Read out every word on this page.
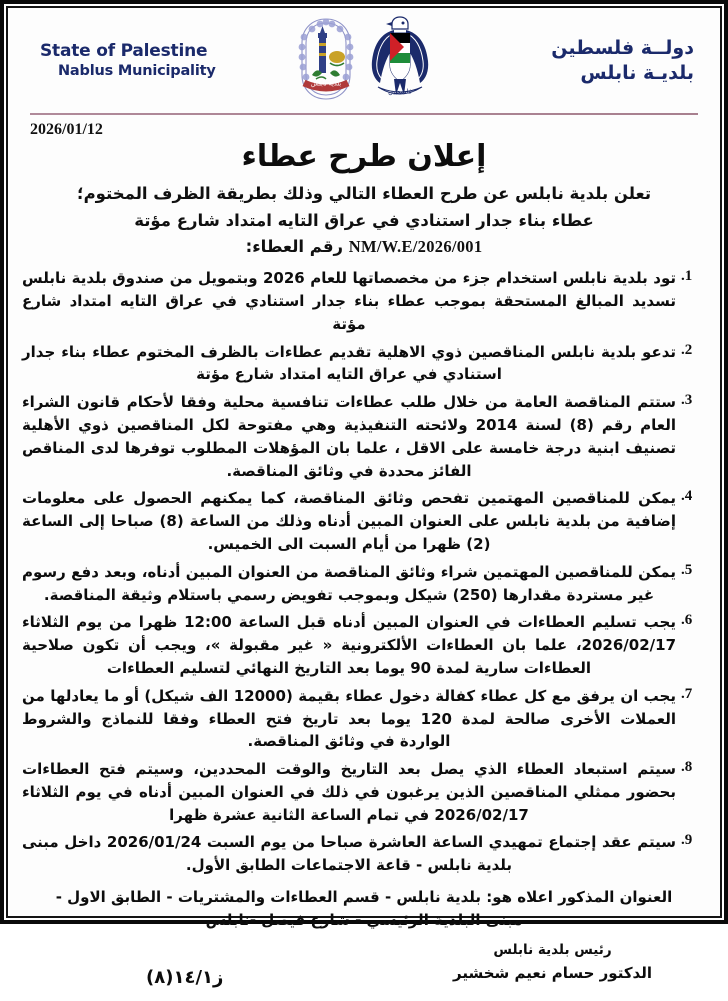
State of Palestine
Nablus Municipality
بلدية نابلس
فلسطين
دولــة فلسطين
بلديـة نابلس
2026/01/12
إعلان طرح عطاء
تعلن بلدية نابلس عن طرح العطاء التالي وذلك بطريقة الظرف المختوم؛
عطاء بناء جدار استنادي في عراق التايه امتداد شارع مؤتة
NM/W.E/2026/001 رقم العطاء:
1.
تود بلدية نابلس استخدام جزء من مخصصاتها للعام 2026 وبتمويل من صندوق بلدية نابلس تسديد المبالغ المستحقة بموجب عطاء بناء جدار استنادي في عراق التايه امتداد شارع مؤتة
2.
تدعو بلدية نابلس المناقصين ذوي الاهلية تقديم عطاءات بالظرف المختوم عطاء بناء جدار استنادي في عراق التايه امتداد شارع مؤتة
3.
ستتم المناقصة العامة من خلال طلب عطاءات تنافسية محلية وفقا لأحكام قانون الشراء العام رقم (8) لسنة 2014 ولائحته التنفيذية وهي مفتوحة لكل المناقصين ذوي الأهلية تصنيف ابنية درجة خامسة على الاقل ، علما بان المؤهلات المطلوب توفرها لدى المناقص الفائز محددة في وثائق المناقصة.
4.
يمكن للمناقصين المهتمين تفحص وثائق المناقصة، كما يمكنهم الحصول على معلومات إضافية من بلدية نابلس على العنوان المبين أدناه وذلك من الساعة (8) صباحا إلى الساعة (2) ظهرا من أيام السبت الى الخميس.
5.
يمكن للمناقصين المهتمين شراء وثائق المناقصة من العنوان المبين أدناه، وبعد دفع رسوم غير مستردة مقدارها (250) شيكل وبموجب تفويض رسمي باستلام وثيقة المناقصة.
6.
يجب تسليم العطاءات في العنوان المبين أدناه قبل الساعة 12:00 ظهرا من يوم الثلاثاء 2026/02/17، علما بان العطاءات الألكترونية « غير مقبولة »، ويجب أن تكون صلاحية العطاءات سارية لمدة 90 يوما بعد التاريخ النهائي لتسليم العطاءات
7.
يجب ان يرفق مع كل عطاء كفالة دخول عطاء بقيمة (12000 الف شيكل) أو ما يعادلها من العملات الأخرى صالحة لمدة 120 يوما بعد تاريخ فتح العطاء وفقا للنماذج والشروط الواردة في وثائق المناقصة.
8.
سيتم استبعاد العطاء الذي يصل بعد التاريخ والوقت المحددين، وسيتم فتح العطاءات بحضور ممثلي المناقصين الذين يرغبون في ذلك في العنوان المبين أدناه في يوم الثلاثاء 2026/02/17 في تمام الساعة الثانية عشرة ظهرا
9.
سيتم عقد إجتماع تمهيدي الساعة العاشرة صباحا من يوم السبت 2026/01/24 داخل مبنى بلدية نابلس - قاعة الاجتماعات الطابق الأول.
العنوان المذكور اعلاه هو: بلدية نابلس - قسم العطاءات والمشتريات - الطابق الاول -
مبنى البلدية الرئيسي - شارع فيصل -نابلس
رئيس بلدية نابلس
الدكتور حسام نعيم شخشير
ز١٤/١(٨)
